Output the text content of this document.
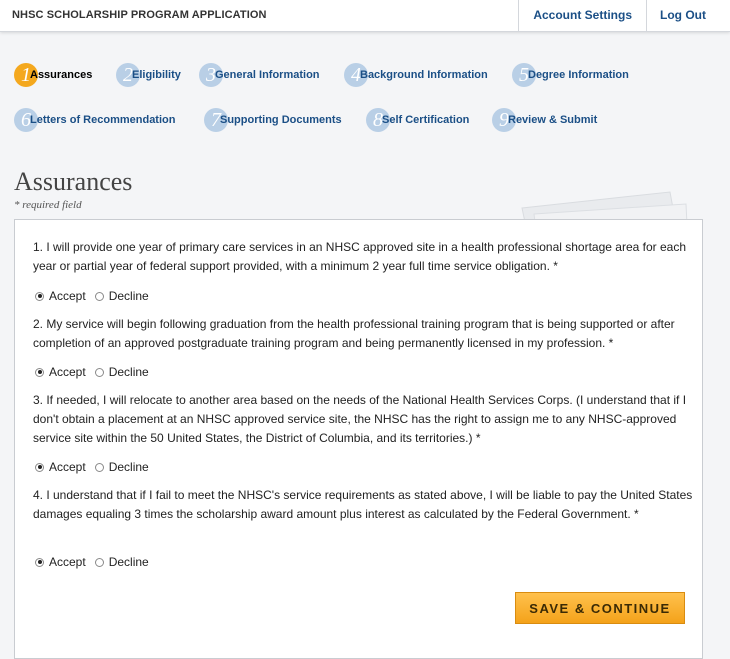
NHSC SCHOLARSHIP PROGRAM APPLICATION	Account Settings	Log Out
1 Assurances	2 Eligibility	3 General Information	4 Background Information	5 Degree Information
6 Letters of Recommendation	7 Supporting Documents	8 Self Certification	9 Review & Submit
Assurances
* required field
1. I will provide one year of primary care services in an NHSC approved site in a health professional shortage area for each year or partial year of federal support provided, with a minimum 2 year full time service obligation. *
Accept Decline
2. My service will begin following graduation from the health professional training program that is being supported or after completion of an approved postgraduate training program and being permanently licensed in my profession. *
Accept Decline
3. If needed, I will relocate to another area based on the needs of the National Health Services Corps. (I understand that if I don't obtain a placement at an NHSC approved service site, the NHSC has the right to assign me to any NHSC-approved service site within the 50 United States, the District of Columbia, and its territories.) *
Accept Decline
4. I understand that if I fail to meet the NHSC's service requirements as stated above, I will be liable to pay the United States damages equaling 3 times the scholarship award amount plus interest as calculated by the Federal Government. *
Accept Decline
SAVE & CONTINUE
